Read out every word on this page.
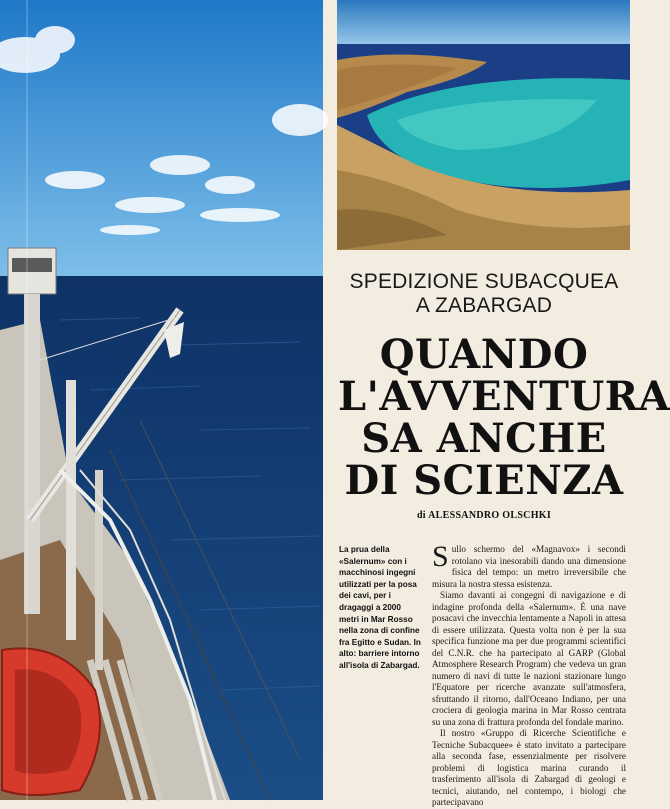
SPEDIZIONE SUBACQUEA
A ZABARGAD
QUANDO
L'AVVENTURA
SA ANCHE
DI SCIENZA
di ALESSANDRO OLSCHKI
La prua della «Salernum» con i macchinosi ingegni utilizzati per la posa dei cavi, per i dragaggi a 2000 metri in Mar Rosso nella zona di confine fra Egitto e Sudan. In alto: barriere intorno all'isola di Zabargad.

Sullo schermo del «Magnavox» i secondi rotolano via inesorabili dando una dimensione fisica del tempo: un metro irreversibile che misura la nostra stessa esistenza.

Siamo davanti ai congegni di navigazione e di indagine profonda della «Salernum». È una nave posacavi che invecchia lentamente a Napoli in attesa di essere utilizzata. Questa volta non è per la sua specifica funzione ma per due programmi scientifici del C.N.R. che ha partecipato al GARP (Global Atmosphere Research Program) che vedeva un gran numero di navi di tutte le nazioni stazionare lungo l'Equatore per ricerche avanzate sull'atmosfera, sfruttando il ritorno, dall'Oceano Indiano, per una crociera di geologia marina in Mar Rosso centrata su una zona di frattura profonda del fondale marino.

Il nostro «Gruppo di Ricerche Scientifiche e Tecniche Subacquee» è stato invitato a partecipare alla seconda fase, essenzialmente per risolvere problemi di logistica marina curando il trasferimento all'isola di Zabargad di geologi e tecnici, aiutando, nel contempo, i biologi che partecipavano
